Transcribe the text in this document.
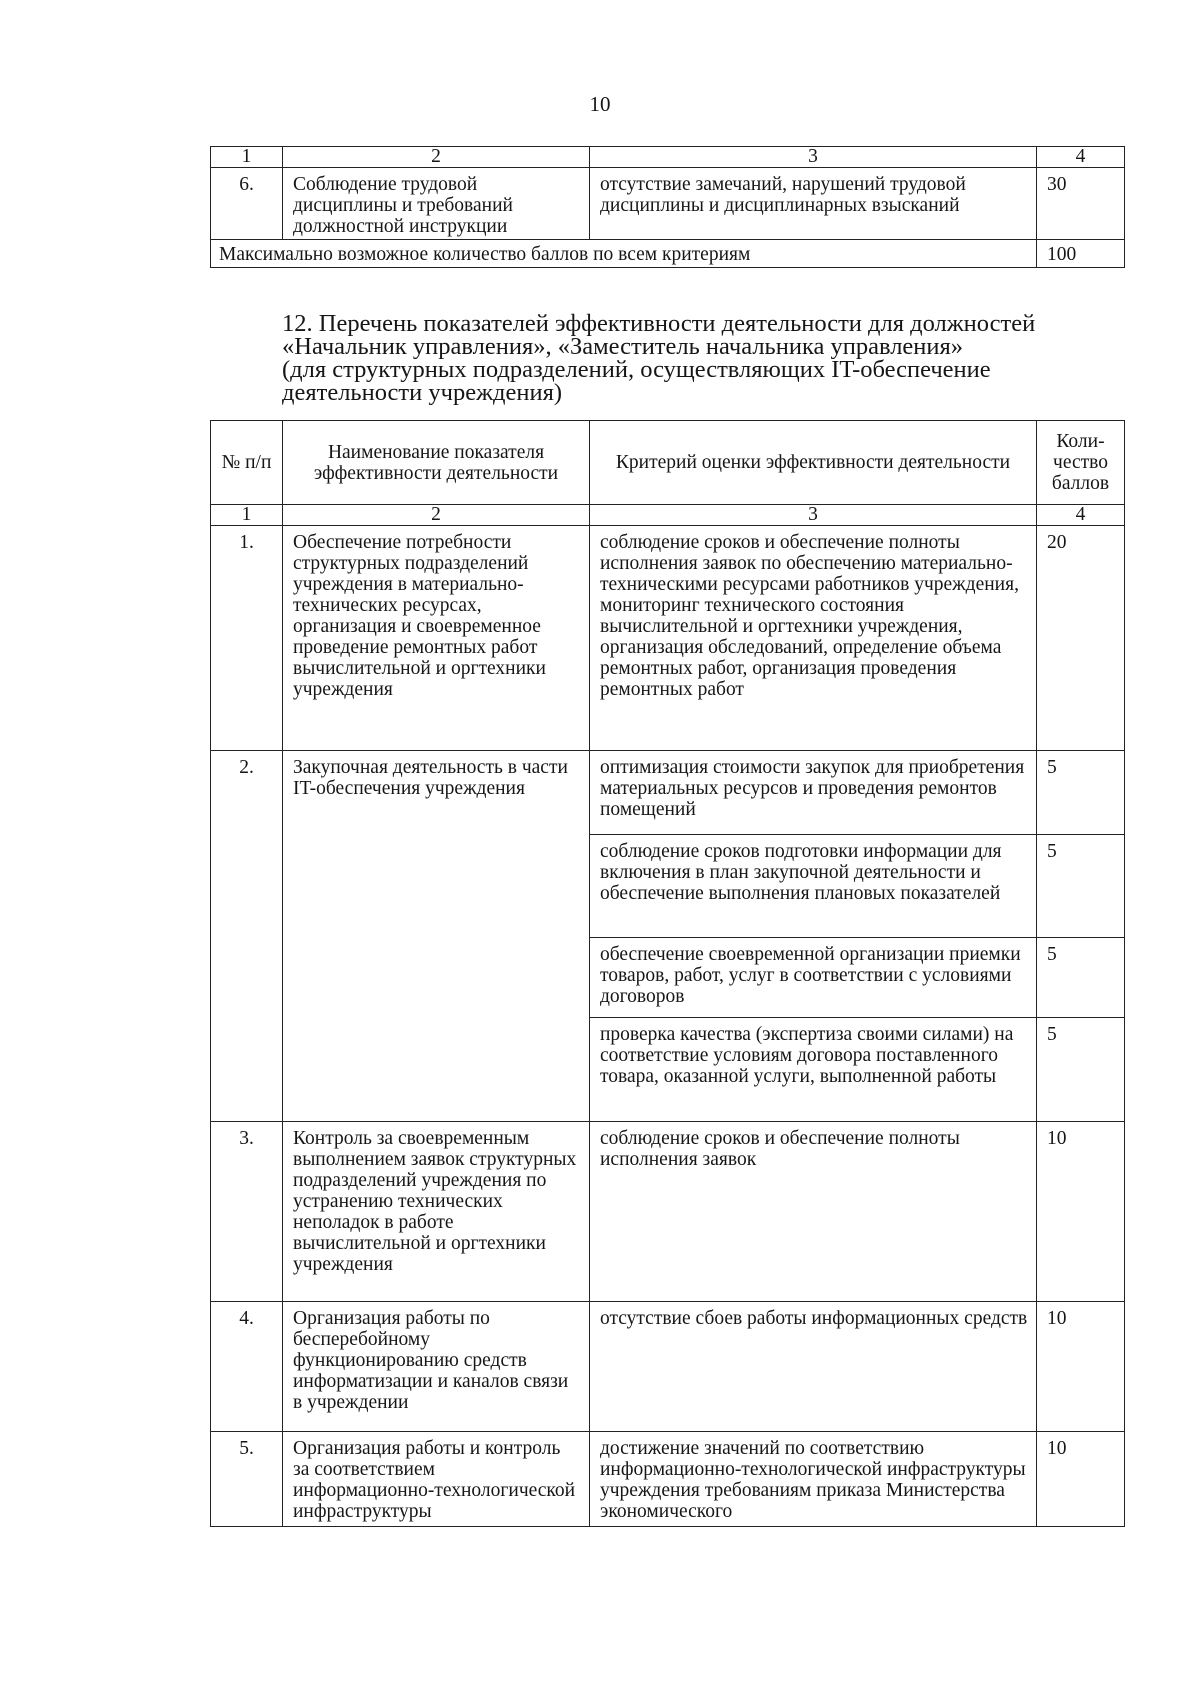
10
1	2	3	4
6.	Соблюдение трудовой дисциплины и требований должностной инструкции	отсутствие замечаний, нарушений трудовой дисциплины и дисциплинарных взысканий	30
Максимально возможное количество баллов по всем критериям			100
12. Перечень показателей эффективности деятельности для должностей
«Начальник управления», «Заместитель начальника управления»
(для структурных подразделений, осуществляющих IT-обеспечение
деятельности учреждения)
№ п/п	Наименование показателя эффективности деятельности	Критерий оценки эффективности деятельности	Коли-чество баллов
1	2	3	4
1.	Обеспечение потребности структурных подразделений учреждения в материально-технических ресурсах, организация и своевременное проведение ремонтных работ вычислительной и оргтехники учреждения	соблюдение сроков и обеспечение полноты исполнения заявок по обеспечению материально-техническими ресурсами работников учреждения, мониторинг технического состояния вычислительной и оргтехники учреждения, организация обследований, определение объема ремонтных работ, организация проведения ремонтных работ	20
2.	Закупочная деятельность в части IT-обеспечения учреждения	оптимизация стоимости закупок для приобретения материальных ресурсов и проведения ремонтов помещений	5
		соблюдение сроков подготовки информации для включения в план закупочной деятельности и обеспечение выполнения плановых показателей	5
		обеспечение своевременной организации приемки товаров, работ, услуг в соответствии с условиями договоров	5
		проверка качества (экспертиза своими силами) на соответствие условиям договора поставленного товара, оказанной услуги, выполненной работы	5
3.	Контроль за своевременным выполнением заявок структурных подразделений учреждения по устранению технических неполадок в работе вычислительной и оргтехники учреждения	соблюдение сроков и обеспечение полноты исполнения заявок	10
4.	Организация работы по бесперебойному функционированию средств информатизации и каналов связи в учреждении	отсутствие сбоев работы информационных средств	10
5.	Организация работы и контроль за соответствием информационно-технологической инфраструктуры	достижение значений по соответствию информационно-технологической инфраструктуры учреждения требованиям приказа Министерства экономического	10
